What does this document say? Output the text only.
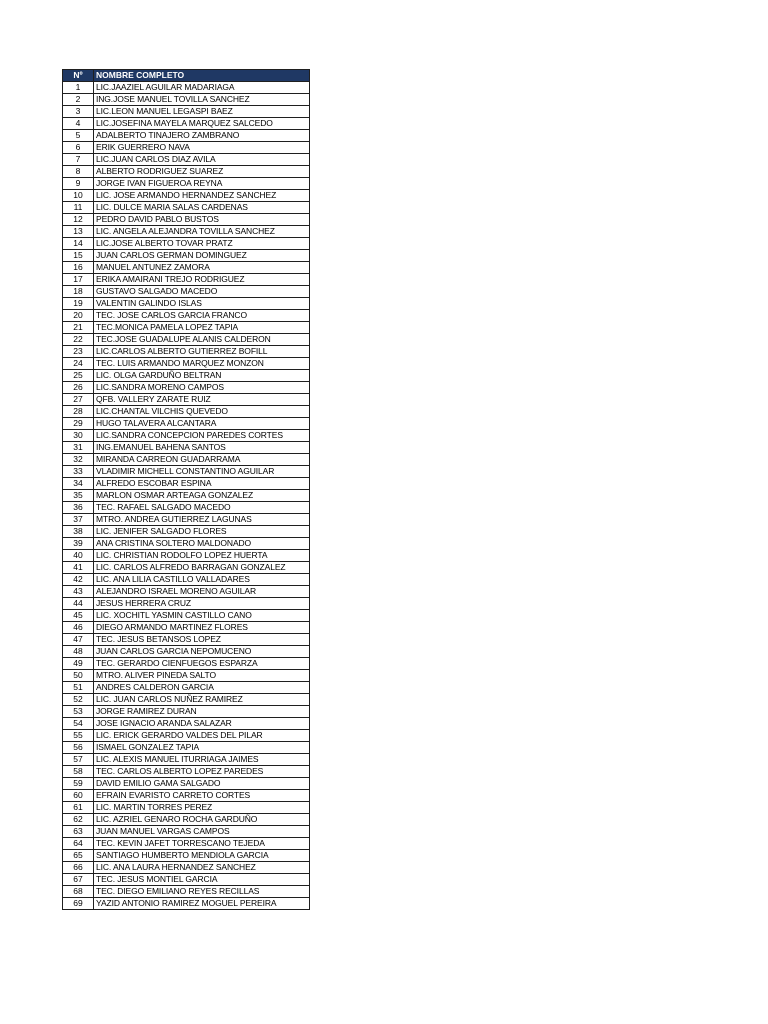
Nº	NOMBRE COMPLETO
1	LIC.JAAZIEL AGUILAR MADARIAGA
2	ING.JOSE MANUEL TOVILLA SANCHEZ
3	LIC.LEON MANUEL LEGASPI BAEZ
4	LIC.JOSEFINA MAYELA MARQUEZ SALCEDO
5	ADALBERTO TINAJERO ZAMBRANO
6	ERIK GUERRERO NAVA
7	LIC.JUAN CARLOS DIAZ AVILA
8	ALBERTO RODRIGUEZ SUAREZ
9	JORGE IVAN FIGUEROA REYNA
10	LIC. JOSE ARMANDO HERNANDEZ SANCHEZ
11	LIC. DULCE MARIA SALAS CARDENAS
12	PEDRO DAVID PABLO BUSTOS
13	LIC. ANGELA ALEJANDRA TOVILLA SANCHEZ
14	LIC.JOSE ALBERTO TOVAR PRATZ
15	JUAN CARLOS GERMAN DOMINGUEZ
16	MANUEL ANTUNEZ ZAMORA
17	ERIKA AMAIRANI TREJO RODRIGUEZ
18	GUSTAVO SALGADO MACEDO
19	VALENTIN GALINDO ISLAS
20	TEC. JOSE CARLOS GARCIA FRANCO
21	TEC.MONICA PAMELA LOPEZ TAPIA
22	TEC.JOSE GUADALUPE ALANIS CALDERON
23	LIC.CARLOS ALBERTO GUTIERREZ BOFILL
24	TEC. LUIS ARMANDO MARQUEZ MONZON
25	LIC. OLGA GARDUÑO BELTRAN
26	LIC.SANDRA MORENO CAMPOS
27	QFB. VALLERY ZARATE RUIZ
28	LIC.CHANTAL VILCHIS QUEVEDO
29	HUGO TALAVERA ALCANTARA
30	LIC.SANDRA CONCEPCION PAREDES CORTES
31	ING.EMANUEL BAHENA SANTOS
32	MIRANDA CARREON GUADARRAMA
33	VLADIMIR MICHELL CONSTANTINO AGUILAR
34	ALFREDO ESCOBAR ESPINA
35	MARLON OSMAR ARTEAGA GONZALEZ
36	TEC. RAFAEL SALGADO MACEDO
37	MTRO. ANDREA GUTIERREZ LAGUNAS
38	LIC. JENIFER SALGADO FLORES
39	ANA CRISTINA SOLTERO MALDONADO
40	LIC. CHRISTIAN RODOLFO LOPEZ HUERTA
41	LIC. CARLOS ALFREDO BARRAGAN GONZALEZ
42	LIC. ANA LILIA CASTILLO VALLADARES
43	ALEJANDRO ISRAEL MORENO AGUILAR
44	JESUS HERRERA CRUZ
45	LIC. XOCHITL YASMIN CASTILLO CANO
46	DIEGO ARMANDO MARTINEZ FLORES
47	TEC. JESUS BETANSOS LOPEZ
48	JUAN CARLOS GARCIA NEPOMUCENO
49	TEC. GERARDO CIENFUEGOS ESPARZA
50	MTRO. ALIVER PINEDA SALTO
51	ANDRES CALDERON GARCIA
52	LIC. JUAN CARLOS NUÑEZ RAMIREZ
53	JORGE RAMIREZ DURAN
54	JOSE IGNACIO ARANDA SALAZAR
55	LIC. ERICK GERARDO VALDES DEL PILAR
56	ISMAEL GONZALEZ TAPIA
57	LIC. ALEXIS MANUEL ITURRIAGA JAIMES
58	TEC. CARLOS ALBERTO LOPEZ PAREDES
59	DAVID EMILIO GAMA SALGADO
60	EFRAIN EVARISTO CARRETO CORTES
61	LIC. MARTIN TORRES PEREZ
62	LIC. AZRIEL GENARO ROCHA GARDUÑO
63	JUAN MANUEL VARGAS CAMPOS
64	TEC. KEVIN JAFET TORRESCANO TEJEDA
65	SANTIAGO HUMBERTO MENDIOLA GARCIA
66	LIC. ANA LAURA HERNANDEZ SANCHEZ
67	TEC. JESUS MONTIEL GARCIA
68	TEC. DIEGO EMILIANO REYES RECILLAS
69	YAZID ANTONIO RAMIREZ MOGUEL PEREIRA
